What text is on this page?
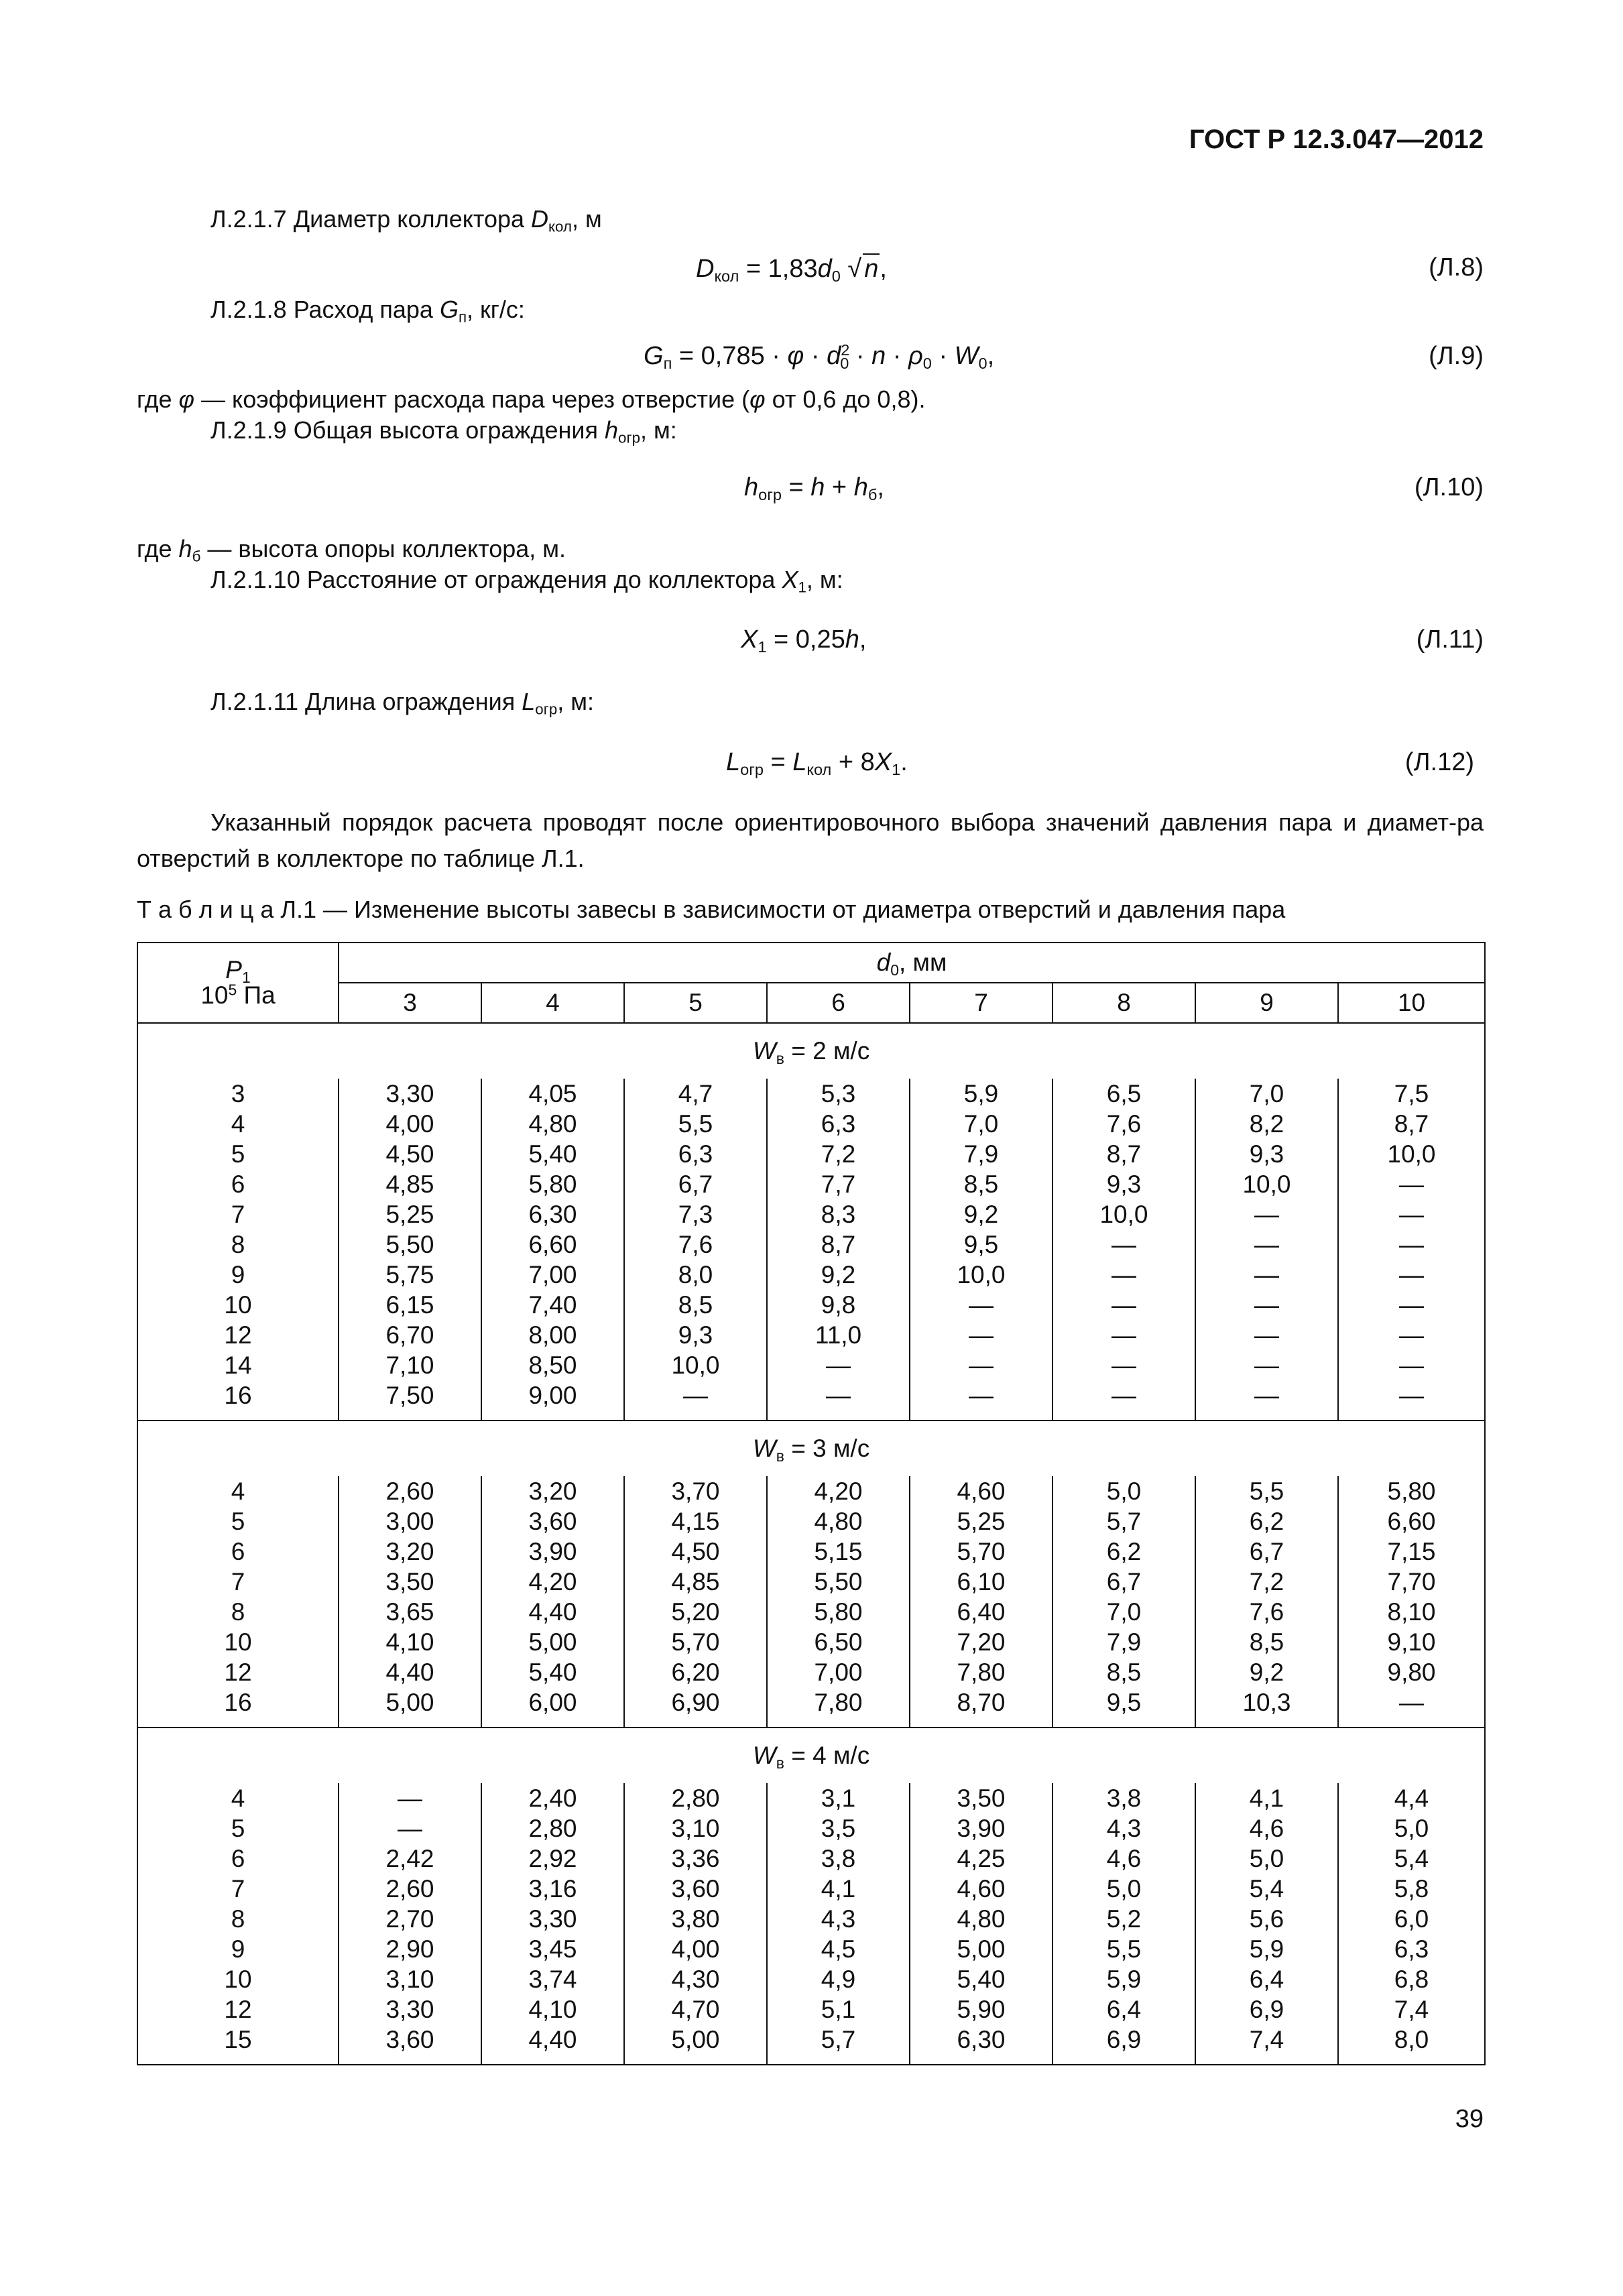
ГОСТ Р 12.3.047—2012
Л.2.1.7 Диаметр коллектора $D_{кол}$, м
$D_{кол} = 1,83d_0$ √ n,	(Л.8)
Л.2.1.8 Расход пара $G_п$, кг/с:
$G_п = 0,785 \cdot \varphi \cdot d^2_0 \cdot n \cdot \rho_0 \cdot W_0$,	(Л.9)
где φ — коэффициент расхода пара через отверстие (φ от 0,6 до 0,8).
Л.2.1.9 Общая высота ограждения $h_{огр}$, м:
$h_{огр} = h + h_б$,	(Л.10)
где $h_б$ — высота опоры коллектора, м.
Л.2.1.10 Расстояние от ограждения до коллектора $X_1$, м:
$X_1 = 0,25h$,	(Л.11)
Л.2.1.11 Длина ограждения $L_{огр}$, м:
$L_{огр} = L_{кол} + 8X_1$.	(Л.12)
Указанный порядок расчета проводят после ориентировочного выбора значений давления пара и диамет-ра отверстий в коллекторе по таблице Л.1.
Т а б л и ц а Л.1 — Изменение высоты завесы в зависимости от диаметра отверстий и давления пара
$P_1$
$10^5$ Па	$d_0$, мм							
	3	4	5	6	7	8	9	10
$W_в = 2$ м/с								
3	3,30	4,05	4,7	5,3	5,9	6,5	7,0	7,5
4	4,00	4,80	5,5	6,3	7,0	7,6	8,2	8,7
5	4,50	5,40	6,3	7,2	7,9	8,7	9,3	10,0
6	4,85	5,80	6,7	7,7	8,5	9,3	10,0	—
7	5,25	6,30	7,3	8,3	9,2	10,0	—	—
8	5,50	6,60	7,6	8,7	9,5	—	—	—
9	5,75	7,00	8,0	9,2	10,0	—	—	—
10	6,15	7,40	8,5	9,8	—	—	—	—
12	6,70	8,00	9,3	11,0	—	—	—	—
14	7,10	8,50	10,0	—	—	—	—	—
16	7,50	9,00	—	—	—	—	—	—
$W_в = 3$ м/с								
4	2,60	3,20	3,70	4,20	4,60	5,0	5,5	5,80
5	3,00	3,60	4,15	4,80	5,25	5,7	6,2	6,60
6	3,20	3,90	4,50	5,15	5,70	6,2	6,7	7,15
7	3,50	4,20	4,85	5,50	6,10	6,7	7,2	7,70
8	3,65	4,40	5,20	5,80	6,40	7,0	7,6	8,10
10	4,10	5,00	5,70	6,50	7,20	7,9	8,5	9,10
12	4,40	5,40	6,20	7,00	7,80	8,5	9,2	9,80
16	5,00	6,00	6,90	7,80	8,70	9,5	10,3	—
$W_в = 4$ м/с								
4	—	2,40	2,80	3,1	3,50	3,8	4,1	4,4
5	—	2,80	3,10	3,5	3,90	4,3	4,6	5,0
6	2,42	2,92	3,36	3,8	4,25	4,6	5,0	5,4
7	2,60	3,16	3,60	4,1	4,60	5,0	5,4	5,8
8	2,70	3,30	3,80	4,3	4,80	5,2	5,6	6,0
9	2,90	3,45	4,00	4,5	5,00	5,5	5,9	6,3
10	3,10	3,74	4,30	4,9	5,40	5,9	6,4	6,8
12	3,30	4,10	4,70	5,1	5,90	6,4	6,9	7,4
15	3,60	4,40	5,00	5,7	6,30	6,9	7,4	8,0
39
